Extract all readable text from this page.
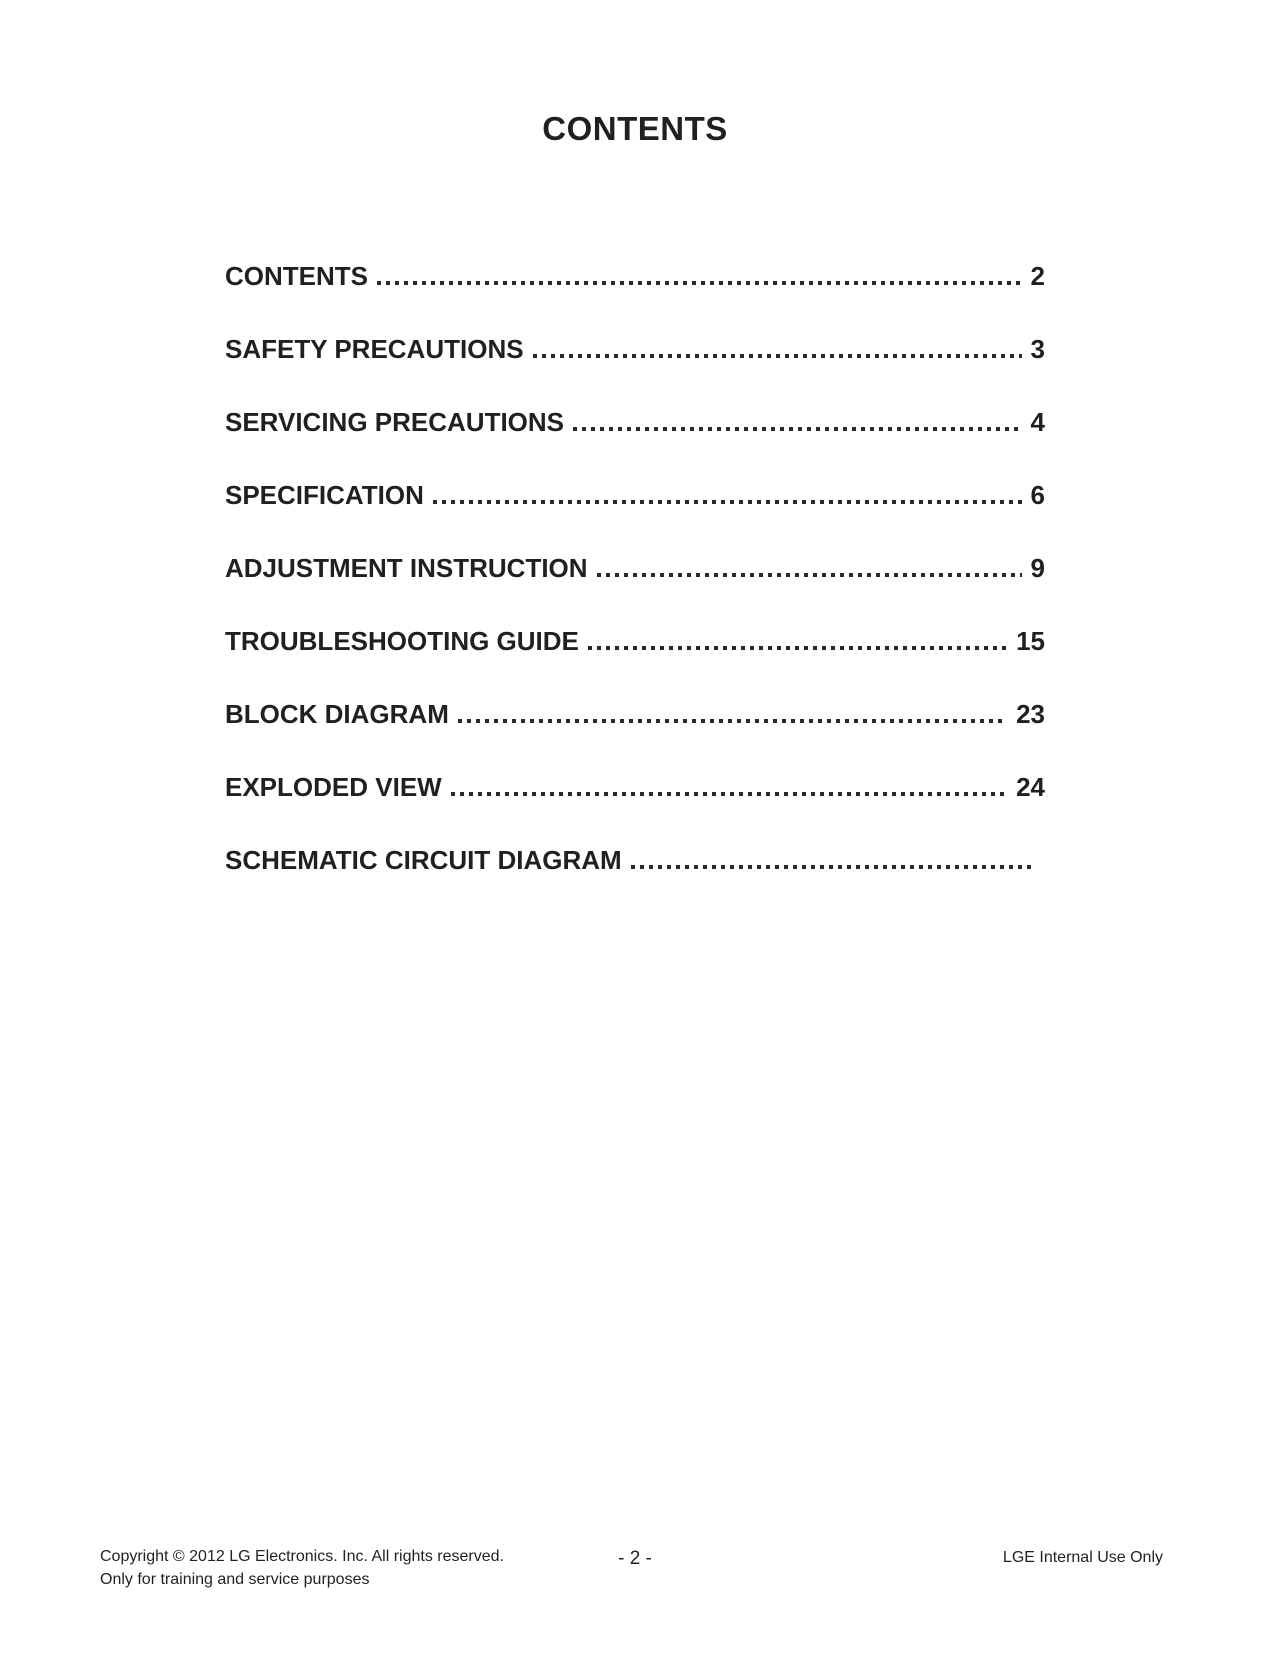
CONTENTS
CONTENTS	2
SAFETY PRECAUTIONS	3
SERVICING PRECAUTIONS	4
SPECIFICATION	6
ADJUSTMENT INSTRUCTION	9
TROUBLESHOOTING GUIDE	15
BLOCK DIAGRAM	23
EXPLODED VIEW	24
SCHEMATIC CIRCUIT DIAGRAM
Copyright © 2012 LG Electronics. Inc. All rights reserved.
Only for training and service purposes
- 2 -	LGE Internal Use Only
